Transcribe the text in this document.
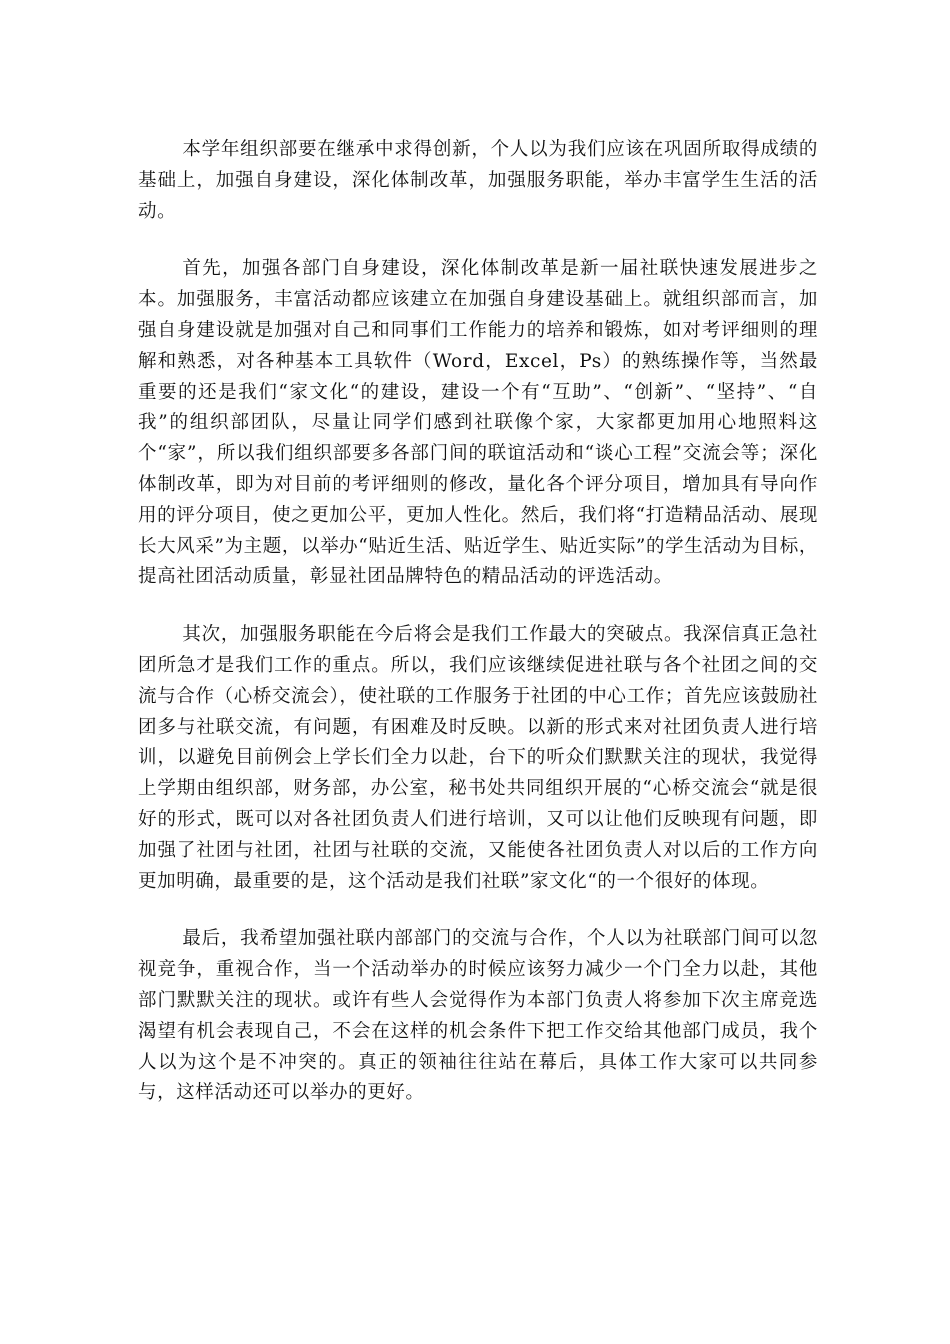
本学年组织部要在继承中求得创新，个人以为我们应该在巩固所取得成绩的基础上，加强自身建设，深化体制改革，加强服务职能，举办丰富学生生活的活动。

首先，加强各部门自身建设，深化体制改革是新一届社联快速发展进步之本。加强服务，丰富活动都应该建立在加强自身建设基础上。就组织部而言，加强自身建设就是加强对自己和同事们工作能力的培养和锻炼，如对考评细则的理解和熟悉，对各种基本工具软件（Word，Excel，Ps）的熟练操作等，当然最重要的还是我们“家文化“的建设，建设一个有“互助”、“创新”、“坚持”、“自我”的组织部团队，尽量让同学们感到社联像个家，大家都更加用心地照料这个“家”，所以我们组织部要多各部门间的联谊活动和“谈心工程”交流会等；深化体制改革，即为对目前的考评细则的修改，量化各个评分项目，增加具有导向作用的评分项目，使之更加公平，更加人性化。然后，我们将“打造精品活动、展现长大风采”为主题，以举办“贴近生活、贴近学生、贴近实际”的学生活动为目标，提高社团活动质量，彰显社团品牌特色的精品活动的评选活动。

其次，加强服务职能在今后将会是我们工作最大的突破点。我深信真正急社团所急才是我们工作的重点。所以，我们应该继续促进社联与各个社团之间的交流与合作（心桥交流会），使社联的工作服务于社团的中心工作；首先应该鼓励社团多与社联交流，有问题，有困难及时反映。以新的形式来对社团负责人进行培训，以避免目前例会上学长们全力以赴，台下的听众们默默关注的现状，我觉得上学期由组织部，财务部，办公室，秘书处共同组织开展的“心桥交流会“就是很好的形式，既可以对各社团负责人们进行培训，又可以让他们反映现有问题，即加强了社团与社团，社团与社联的交流，又能使各社团负责人对以后的工作方向更加明确，最重要的是，这个活动是我们社联”家文化“的一个很好的体现。

最后，我希望加强社联内部部门的交流与合作，个人以为社联部门间可以忽视竞争，重视合作，当一个活动举办的时候应该努力减少一个门全力以赴，其他部门默默关注的现状。或许有些人会觉得作为本部门负责人将参加下次主席竞选渴望有机会表现自己，不会在这样的机会条件下把工作交给其他部门成员，我个人以为这个是不冲突的。真正的领袖往往站在幕后，具体工作大家可以共同参与，这样活动还可以举办的更好。
